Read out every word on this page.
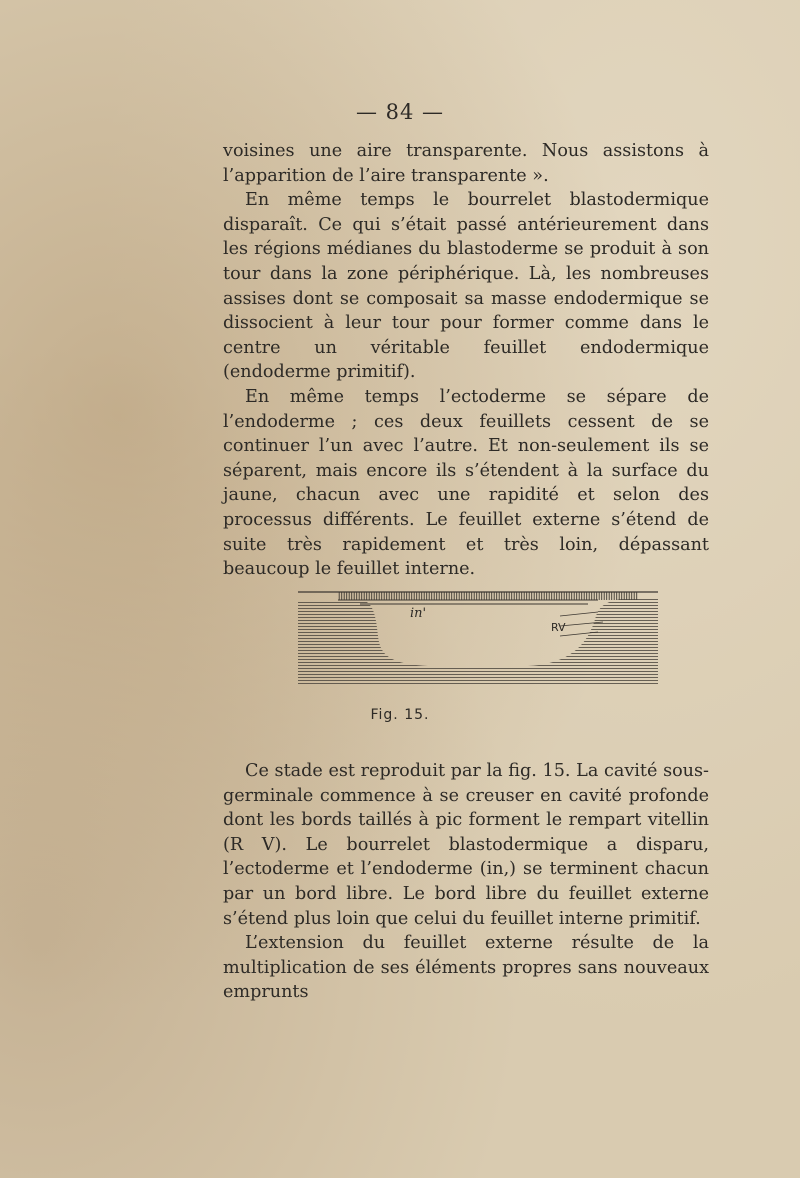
— 84 —

voisines une aire transparente. Nous assistons à l’apparition de l’aire transparente ».

En même temps le bourrelet blastodermique disparaît. Ce qui s’était passé antérieurement dans les régions médianes du blastoderme se produit à son tour dans la zone périphérique. Là, les nombreuses assises dont se composait sa masse endodermique se dissocient à leur tour pour former comme dans le centre un véritable feuillet endodermique (endoderme primitif).

En même temps l’ectoderme se sépare de l’endoderme ; ces deux feuillets cessent de se continuer l’un avec l’autre. Et non-seulement ils se séparent, mais encore ils s’étendent à la surface du jaune, chacun avec une rapidité et selon des processus différents. Le feuillet externe s’étend de suite très rapidement et très loin, dépassant beaucoup le feuillet interne.

in'
RV
Fig. 15.

Ce stade est reproduit par la fig. 15. La cavité sous-germinale commence à se creuser en cavité profonde dont les bords taillés à pic forment le rempart vitellin (R V). Le bourrelet blastodermique a disparu, l’ectoderme et l’endoderme (in,) se terminent chacun par un bord libre. Le bord libre du feuillet externe s’étend plus loin que celui du feuillet interne primitif.

L’extension du feuillet externe résulte de la multiplication de ses éléments propres sans nouveaux emprunts
